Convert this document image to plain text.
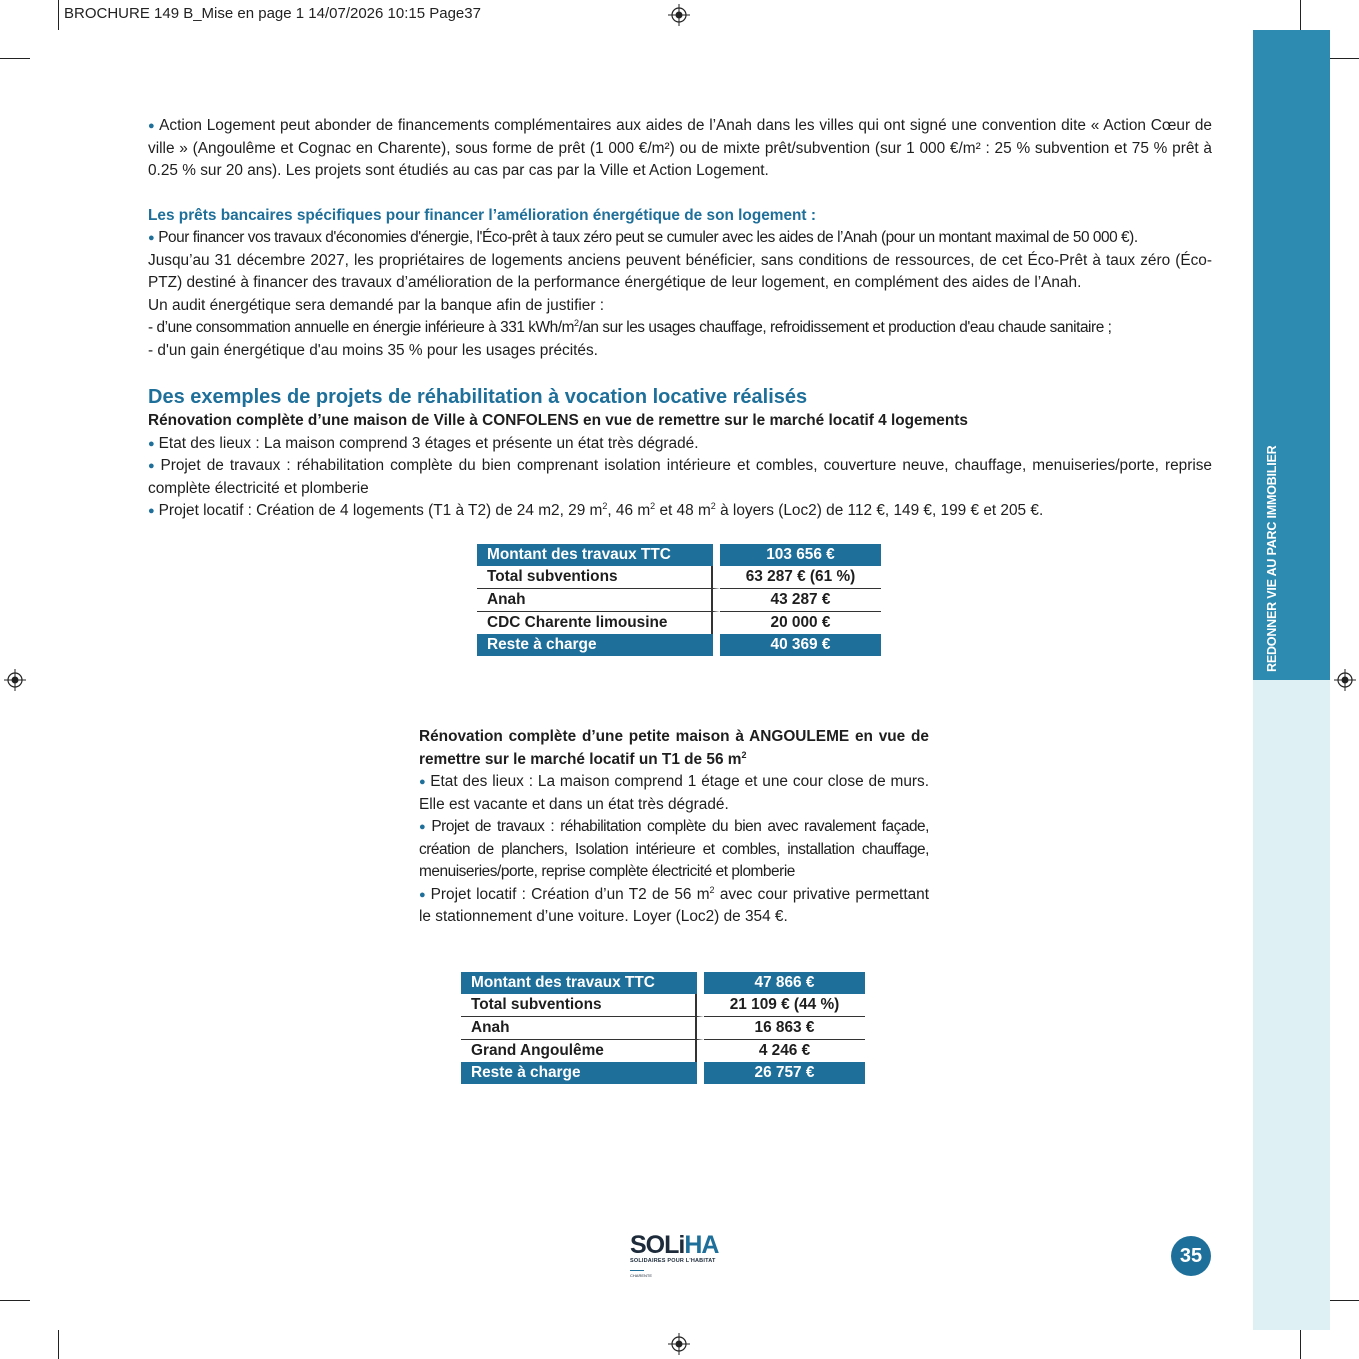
BROCHURE 149 B_Mise en page 1 14/07/2026 10:15 Page37
REDONNER VIE AU PARC IMMOBILIER

● Action Logement peut abonder de financements complémentaires aux aides de l’Anah dans les villes qui ont signé une convention dite « Action Cœur de ville » (Angoulême et Cognac en Charente), sous forme de prêt (1 000 €/m²) ou de mixte prêt/subvention (sur 1 000 €/m² : 25 % subvention et 75 % prêt à 0.25 % sur 20 ans). Les projets sont étudiés au cas par cas par la Ville et Action Logement.

Les prêts bancaires spécifiques pour financer l’amélioration énergétique de son logement :

● Pour financer vos travaux d'économies d'énergie, l'Éco-prêt à taux zéro peut se cumuler avec les aides de l’Anah (pour un montant maximal de 50 000 €).

Jusqu’au 31 décembre 2027, les propriétaires de logements anciens peuvent bénéficier, sans conditions de ressources, de cet Éco-Prêt à taux zéro (Éco-PTZ) destiné à financer des travaux d’amélioration de la performance énergétique de leur logement, en complément des aides de l’Anah.

Un audit énergétique sera demandé par la banque afin de justifier :

- d’une consommation annuelle en énergie inférieure à 331 kWh/$m^2/an$ sur les usages chauffage, refroidissement et production d'eau chaude sanitaire ;

- d'un gain énergétique d'au moins 35 % pour les usages précités.

Des exemples de projets de réhabilitation à vocation locative réalisés

Rénovation complète d’une maison de Ville à CONFOLENS en vue de remettre sur le marché locatif 4 logements

● Etat des lieux : La maison comprend 3 étages et présente un état très dégradé.

● Projet de travaux : réhabilitation complète du bien comprenant isolation intérieure et combles, couverture neuve, chauffage, menuiseries/porte, reprise complète électricité et plomberie

● Projet locatif : Création de 4 logements (T1 à T2) de 24 m2, 29 $m^2$, 46 $m^2$ et 48 $m^2$ à loyers (Loc2) de 112 €, 149 €, 199 € et 205 €.

Montant des travaux TTC	103 656 €
Total subventions	63 287 € (61 %)
Anah	43 287 €
CDC Charente limousine	20 000 €
Reste à charge	40 369 €

Rénovation complète d’une petite maison à ANGOULEME en vue de remettre sur le marché locatif un T1 de 56 $m^2$

● Etat des lieux : La maison comprend 1 étage et une cour close de murs. Elle est vacante et dans un état très dégradé.

● Projet de travaux : réhabilitation complète du bien avec ravalement façade, création de planchers, Isolation intérieure et combles, installation chauffage, menuiseries/porte, reprise complète électricité et plomberie

● Projet locatif : Création d’un T2 de 56 $m^2$ avec cour privative permettant le stationnement d’une voiture. Loyer (Loc2) de 354 €.

Montant des travaux TTC	47 866 €
Total subventions	21 109 € (44 %)
Anah	16 863 €
Grand Angoulême	4 246 €
Reste à charge	26 757 €
SOLiHA
SOLIDAIRES POUR L'HABITAT
CHARENTE
35
